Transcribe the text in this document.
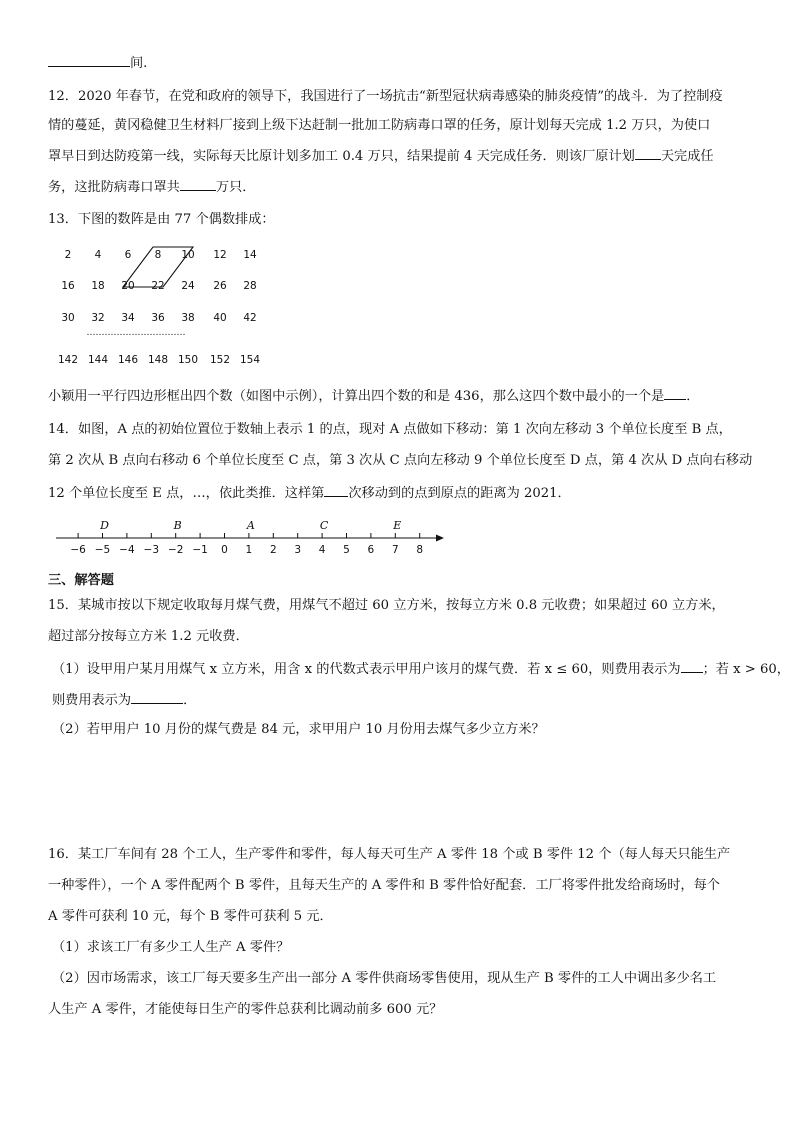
间.
12．2020 年春节，在党和政府的领导下，我国进行了一场抗击“新型冠状病毒感染的肺炎疫情”的战斗．为了控制疫
情的蔓延，黄冈稳健卫生材料厂接到上级下达赶制一批加工防病毒口罩的任务，原计划每天完成 1.2 万只，为使口
罩早日到达防疫第一线，实际每天比原计划多加工 0.4 万只，结果提前 4 天完成任务．则该厂原计划 天完成任
务，这批防病毒口罩共	万只．
13．下图的数阵是由 77 个偶数排成：
2 4 6 8 10 12 14
16 18 20 22 24 26 28
30 32 34 36 38 40 42
142 144 146 148 150 152 154
……………………………
小颖用一平行四边形框出四个数（如图中示例），计算出四个数的和是 436，那么这四个数中最小的一个是 ．
14．如图，A 点的初始位置位于数轴上表示 1 的点，现对 A 点做如下移动：第 1 次向左移动 3 个单位长度至 B 点，
第 2 次从 B 点向右移动 6 个单位长度至 C 点，第 3 次从 C 点向左移动 9 个单位长度至 D 点，第 4 次从 D 点向右移动
12 个单位长度至 E 点，…，依此类推．这样第 次移动到的点到原点的距离为 2021．
−6 −5 −4 −3 −2 −1 0 1 2 3 4 5 6 7 8
D	B	A	C	E
三、解答题
15．某城市按以下规定收取每月煤气费，用煤气不超过 60 立方米，按每立方米 0.8 元收费；如果超过 60 立方米，
超过部分按每立方米 1.2 元收费．
（1）设甲用户某月用煤气 x 立方米，用含 x 的代数式表示甲用户该月的煤气费．若 x ≤ 60，则费用表示为 ；若 x > 60，
则费用表示为	．
（2）若甲用户 10 月份的煤气费是 84 元，求甲用户 10 月份用去煤气多少立方米？
16．某工厂车间有 28 个工人，生产零件和零件，每人每天可生产 A 零件 18 个或 B 零件 12 个（每人每天只能生产
一种零件），一个 A 零件配两个 B 零件，且每天生产的 A 零件和 B 零件恰好配套．工厂将零件批发给商场时，每个
A 零件可获利 10 元，每个 B 零件可获利 5 元．
（1）求该工厂有多少工人生产 A 零件？
（2）因市场需求，该工厂每天要多生产出一部分 A 零件供商场零售使用，现从生产 B 零件的工人中调出多少名工
人生产 A 零件，才能使每日生产的零件总获利比调动前多 600 元？
